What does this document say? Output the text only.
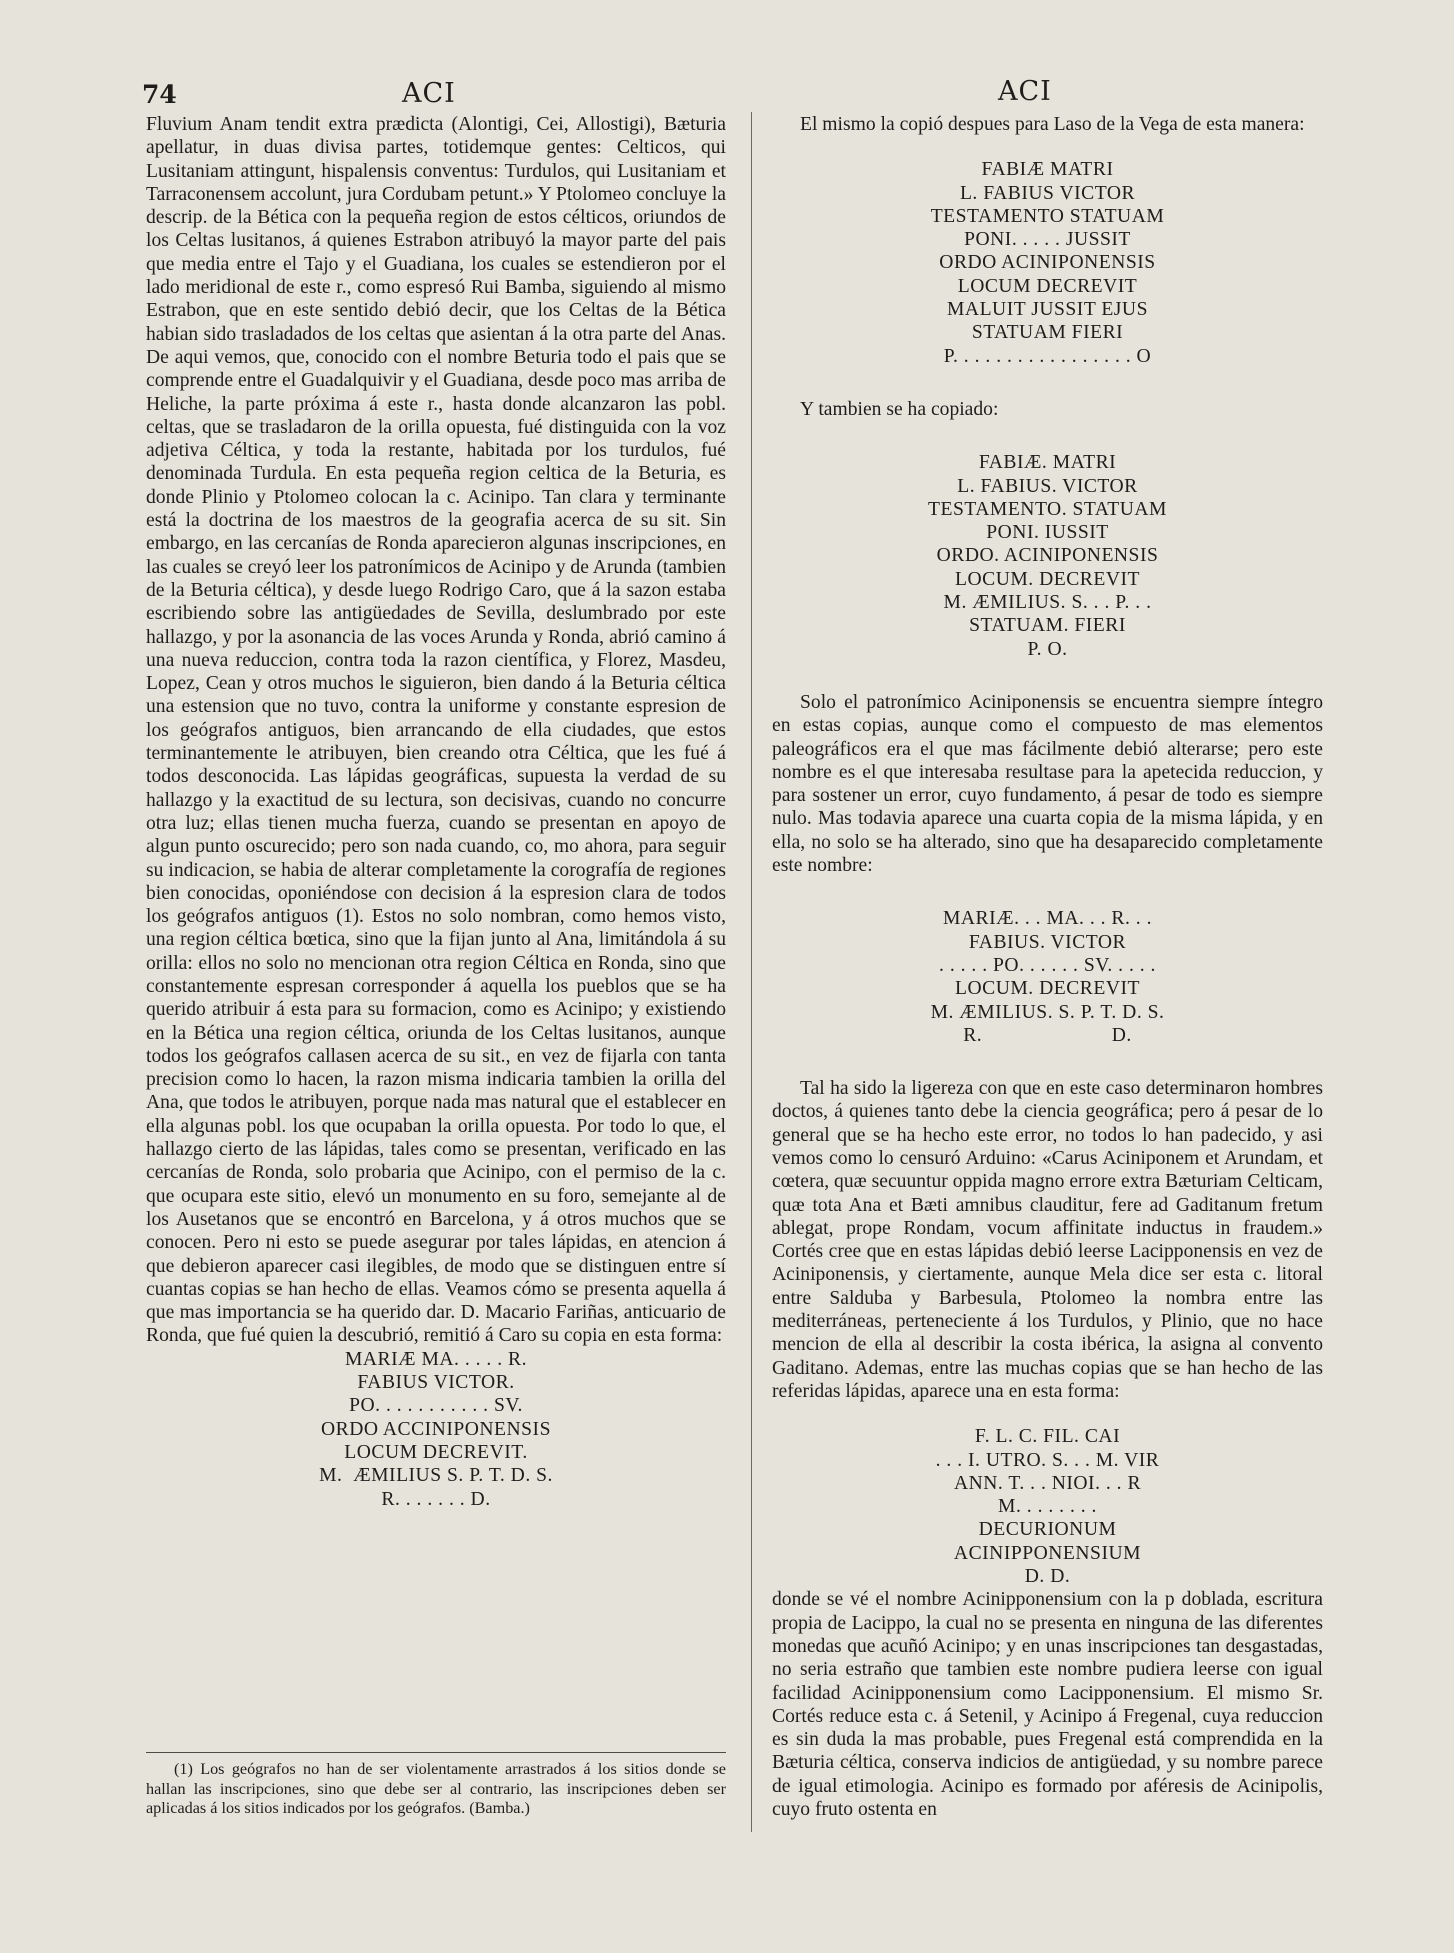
74	ACI	ACI

Fluvium Anam tendit extra prædicta (Alontigi, Cei, Allostigi), Bæturia apellatur, in duas divisa partes, totidemque gentes: Celticos, qui Lusitaniam attingunt, hispalensis conventus: Turdulos, qui Lusitaniam et Tarraconensem accolunt, jura Cordubam petunt.» Y Ptolomeo concluye la descrip. de la Bética con la pequeña region de estos célticos, oriundos de los Celtas lusitanos, á quienes Estrabon atribuyó la mayor parte del pais que media entre el Tajo y el Guadiana, los cuales se estendieron por el lado meridional de este r., como espresó Rui Bamba, siguiendo al mismo Estrabon, que en este sentido debió decir, que los Celtas de la Bética habian sido trasladados de los celtas que asientan á la otra parte del Anas. De aqui vemos, que, conocido con el nombre Beturia todo el pais que se comprende entre el Guadalquivir y el Guadiana, desde poco mas arriba de Heliche, la parte próxima á este r., hasta donde alcanzaron las pobl. celtas, que se trasladaron de la orilla opuesta, fué distinguida con la voz adjetiva Céltica, y toda la restante, habitada por los turdulos, fué denominada Turdula. En esta pequeña region celtica de la Beturia, es donde Plinio y Ptolomeo colocan la c. Acinipo. Tan clara y terminante está la doctrina de los maestros de la geografia acerca de su sit. Sin embargo, en las cercanías de Ronda aparecieron algunas inscripciones, en las cuales se creyó leer los patronímicos de Acinipo y de Arunda (tambien de la Beturia céltica), y desde luego Rodrigo Caro, que á la sazon estaba escribiendo sobre las antigüedades de Sevilla, deslumbrado por este hallazgo, y por la asonancia de las voces Arunda y Ronda, abrió camino á una nueva reduccion, contra toda la razon científica, y Florez, Masdeu, Lopez, Cean y otros muchos le siguieron, bien dando á la Beturia céltica una estension que no tuvo, contra la uniforme y constante espresion de los geógrafos antiguos, bien arrancando de ella ciudades, que estos terminantemente le atribuyen, bien creando otra Céltica, que les fué á todos desconocida. Las lápidas geográficas, supuesta la verdad de su hallazgo y la exactitud de su lectura, son decisivas, cuando no concurre otra luz; ellas tienen mucha fuerza, cuando se presentan en apoyo de algun punto oscurecido; pero son nada cuando, co, mo ahora, para seguir su indicacion, se habia de alterar completamente la corografía de regiones bien conocidas, oponiéndose con decision á la espresion clara de todos los geógrafos antiguos (1). Estos no solo nombran, como hemos visto, una region céltica bœtica, sino que la fijan junto al Ana, limitándola á su orilla: ellos no solo no mencionan otra region Céltica en Ronda, sino que constantemente espresan corresponder á aquella los pueblos que se ha querido atribuir á esta para su formacion, como es Acinipo; y existiendo en la Bética una region céltica, oriunda de los Celtas lusitanos, aunque todos los geógrafos callasen acerca de su sit., en vez de fijarla con tanta precision como lo hacen, la razon misma indicaria tambien la orilla del Ana, que todos le atribuyen, porque nada mas natural que el establecer en ella algunas pobl. los que ocupaban la orilla opuesta. Por todo lo que, el hallazgo cierto de las lápidas, tales como se presentan, verificado en las cercanías de Ronda, solo probaria que Acinipo, con el permiso de la c. que ocupara este sitio, elevó un monumento en su foro, semejante al de los Ausetanos que se encontró en Barcelona, y á otros muchos que se conocen. Pero ni esto se puede asegurar por tales lápidas, en atencion á que debieron aparecer casi ilegibles, de modo que se distinguen entre sí cuantas copias se han hecho de ellas. Veamos cómo se presenta aquella á que mas importancia se ha querido dar. D. Macario Fariñas, anticuario de Ronda, que fué quien la descubrió, remitió á Caro su copia en esta forma:

MARIÆ MA. . . . . R.
FABIUS VICTOR.
PO. . . . . . . . . . . SV.
ORDO ACCINIPONENSIS
LOCUM DECREVIT.
M.  ÆMILIUS S. P. T. D. S.
R. . . . . . . D.

El mismo la copió despues para Laso de la Vega de esta manera:

FABIÆ MATRI
L. FABIUS VICTOR
TESTAMENTO STATUAM
PONI. . . . . JUSSIT
ORDO ACINIPONENSIS
LOCUM DECREVIT
MALUIT JUSSIT EJUS
STATUAM FIERI
P. . . . . . . . . . . . . . . . . O

Y tambien se ha copiado:

FABIÆ. MATRI
L. FABIUS. VICTOR
TESTAMENTO. STATUAM
PONI. IUSSIT
ORDO. ACINIPONENSIS
LOCUM. DECREVIT
M. ÆMILIUS. S. . . P. . .
STATUAM. FIERI
P. O.

Solo el patronímico Aciniponensis se encuentra siempre íntegro en estas copias, aunque como el compuesto de mas elementos paleográficos era el que mas fácilmente debió alterarse; pero este nombre es el que interesaba resultase para la apetecida reduccion, y para sostener un error, cuyo fundamento, á pesar de todo es siempre nulo. Mas todavia aparece una cuarta copia de la misma lápida, y en ella, no solo se ha alterado, sino que ha desaparecido completamente este nombre:

MARIÆ. . . MA. . . R. . .
FABIUS. VICTOR
. . . . . PO. . . . . . SV. . . . .
LOCUM. DECREVIT
M. ÆMILIUS. S. P. T. D. S.
R.                        D.

Tal ha sido la ligereza con que en este caso determinaron hombres doctos, á quienes tanto debe la ciencia geográfica; pero á pesar de lo general que se ha hecho este error, no todos lo han padecido, y asi vemos como lo censuró Arduino: «Carus Aciniponem et Arundam, et cœtera, quæ secuuntur oppida magno errore extra Bæturiam Celticam, quæ tota Ana et Bæti amnibus clauditur, fere ad Gaditanum fretum ablegat, prope Rondam, vocum affinitate inductus in fraudem.» Cortés cree que en estas lápidas debió leerse Lacipponensis en vez de Aciniponensis, y ciertamente, aunque Mela dice ser esta c. litoral entre Salduba y Barbesula, Ptolomeo la nombra entre las mediterráneas, perteneciente á los Turdulos, y Plinio, que no hace mencion de ella al describir la costa ibérica, la asigna al convento Gaditano. Ademas, entre las muchas copias que se han hecho de las referidas lápidas, aparece una en esta forma:

F. L. C. FIL. CAI
. . . I. UTRO. S. . . M. VIR
ANN. T. . . NIOI. . . R
M. . . . . . . .
DECURIONUM
ACINIPPONENSIUM
D. D.

donde se vé el nombre Acinipponensium con la p doblada, escritura propia de Lacippo, la cual no se presenta en ninguna de las diferentes monedas que acuñó Acinipo; y en unas inscripciones tan desgastadas, no seria estraño que tambien este nombre pudiera leerse con igual facilidad Acinipponensium como Lacipponensium. El mismo Sr. Cortés reduce esta c. á Setenil, y Acinipo á Fregenal, cuya reduccion es sin duda la mas probable, pues Fregenal está comprendida en la Bæturia céltica, conserva indicios de antigüedad, y su nombre parece de igual etimologia. Acinipo es formado por aféresis de Acinipolis, cuyo fruto ostenta en

(1) Los geógrafos no han de ser violentamente arrastrados á los sitios donde se hallan las inscripciones, sino que debe ser al contrario, las inscripciones deben ser aplicadas á los sitios indicados por los geógrafos. (Bamba.)
